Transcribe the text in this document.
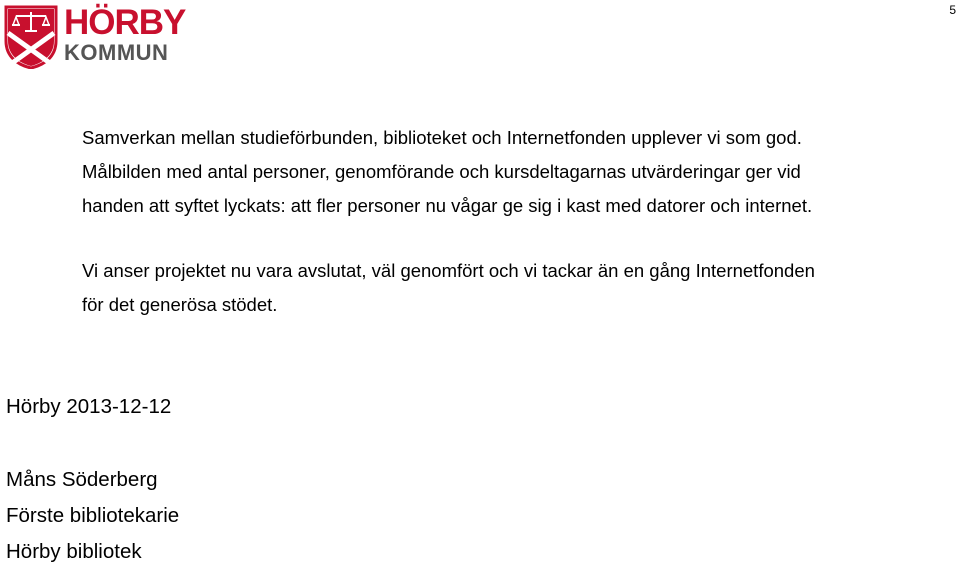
5
HÖRBY
KOMMUN

Samverkan mellan studieförbunden, biblioteket och Internetfonden upplever vi som god.
Målbilden med antal personer, genomförande och kursdeltagarnas utvärderingar ger vid
handen att syftet lyckats: att fler personer nu vågar ge sig i kast med datorer och internet.

Vi anser projektet nu vara avslutat, väl genomfört och vi tackar än en gång Internetfonden
för det generösa stödet.

Hörby 2013-12-12

Måns Söderberg

Förste bibliotekarie

Hörby bibliotek
